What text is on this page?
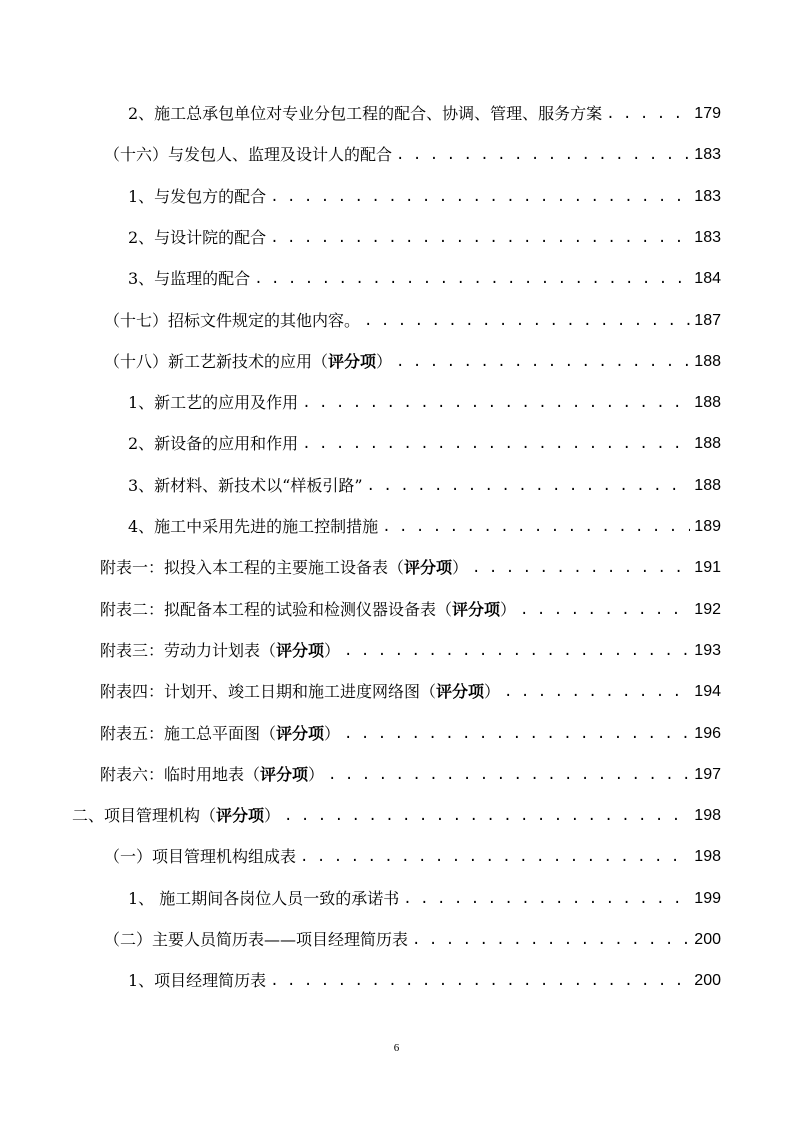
2、施工总承包单位对专业分包工程的配合、协调、管理、服务方案 . . .	179
（十六）与发包人、监理及设计人的配合 . . .	183
1、与发包方的配合 . . .	183
2、与设计院的配合 . . .	183
3、与监理的配合 . . .	184
（十七）招标文件规定的其他内容。 . . .	187
（十八）新工艺新技术的应用（评分项） . . .	188
1、新工艺的应用及作用 . . .	188
2、新设备的应用和作用 . . .	188
3、新材料、新技术以“样板引路” . . .	188
4、施工中采用先进的施工控制措施 . . .	189
附表一：拟投入本工程的主要施工设备表（评分项） . . .	191
附表二：拟配备本工程的试验和检测仪器设备表（评分项） . . .	192
附表三：劳动力计划表（评分项） . . .	193
附表四：计划开、竣工日期和施工进度网络图（评分项） . . .	194
附表五：施工总平面图（评分项） . . .	196
附表六：临时用地表（评分项） . . .	197
二、项目管理机构（评分项） . . .	198
（一）项目管理机构组成表 . . .	198
1、 施工期间各岗位人员一致的承诺书 . . .	199
（二）主要人员简历表——项目经理简历表 . . .	200
1、项目经理简历表 . . .	200
6
